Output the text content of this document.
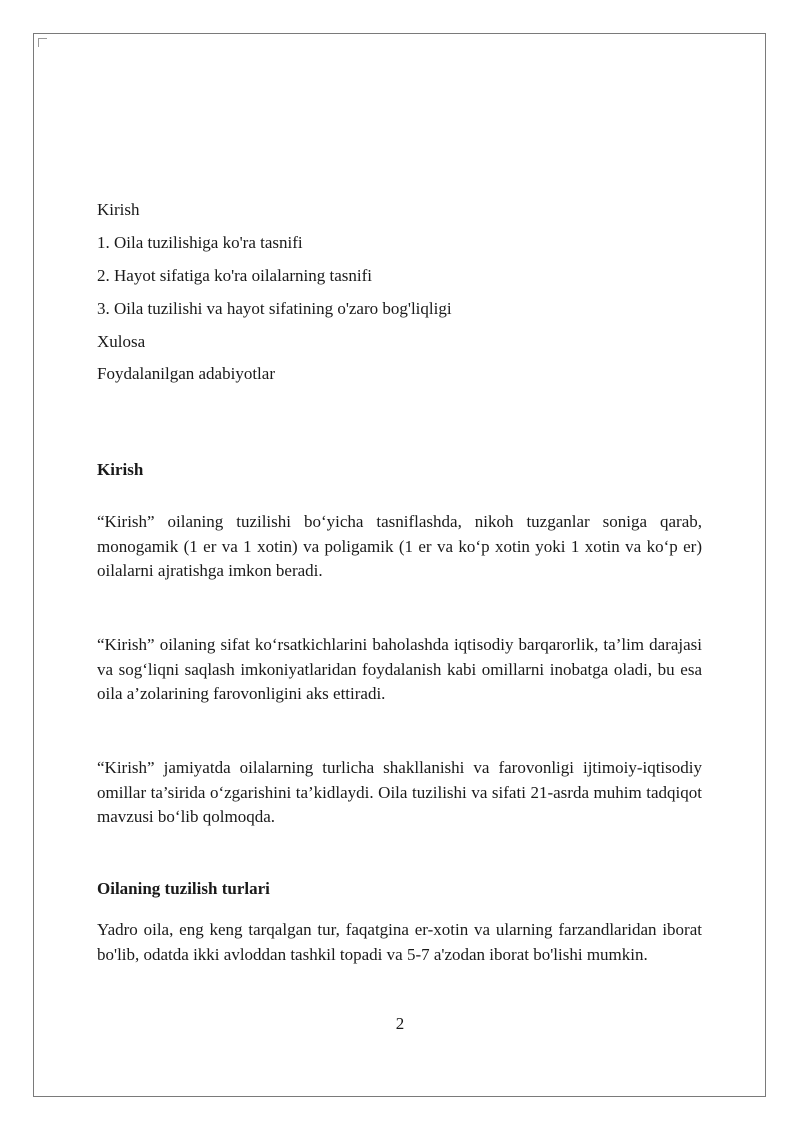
Kirish

1. Oila tuzilishiga ko'ra tasnifi

2. Hayot sifatiga ko'ra oilalarning tasnifi

3. Oila tuzilishi va hayot sifatining o'zaro bog'liqligi

Xulosa

Foydalanilgan adabiyotlar

Kirish

“Kirish” oilaning tuzilishi bo‘yicha tasniflashda, nikoh tuzganlar soniga qarab, monogamik (1 er va 1 xotin) va poligamik (1 er va ko‘p xotin yoki 1 xotin va ko‘p er) oilalarni ajratishga imkon beradi.

“Kirish” oilaning sifat ko‘rsatkichlarini baholashda iqtisodiy barqarorlik, ta’lim darajasi va sog‘liqni saqlash imkoniyatlaridan foydalanish kabi omillarni inobatga oladi, bu esa oila a’zolarining farovonligini aks ettiradi.

“Kirish” jamiyatda oilalarning turlicha shakllanishi va farovonligi ijtimoiy-iqtisodiy omillar ta’sirida o‘zgarishini ta’kidlaydi. Oila tuzilishi va sifati 21-asrda muhim tadqiqot mavzusi bo‘lib qolmoqda.

Oilaning tuzilish turlari

Yadro oila, eng keng tarqalgan tur, faqatgina er-xotin va ularning farzandlaridan iborat bo'lib, odatda ikki avloddan tashkil topadi va 5-7 a'zodan iborat bo'lishi mumkin.

2
